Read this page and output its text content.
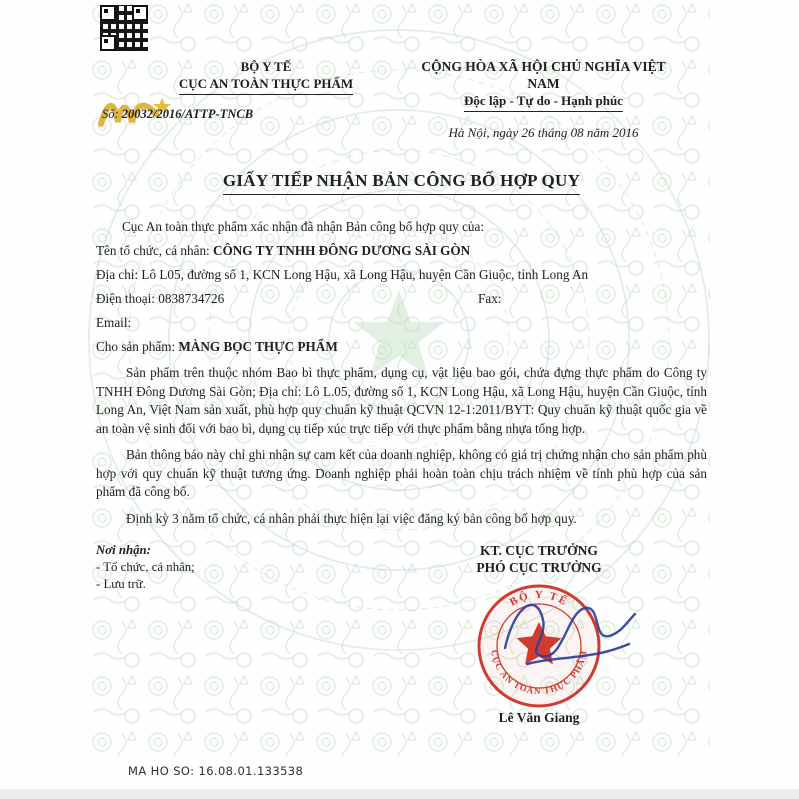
BỘ Y TẾ
CỤC AN TOÀN THỰC PHẨM
Số: 20032/2016/ATTP-TNCB
CỘNG HÒA XÃ HỘI CHỦ NGHĨA VIỆT NAM
Độc lập - Tự do - Hạnh phúc
Hà Nội, ngày 26 tháng 08 năm 2016
GIẤY TIẾP NHẬN BẢN CÔNG BỐ HỢP QUY
Cục An toàn thực phẩm xác nhận đã nhận Bản công bố hợp quy của:
Tên tổ chức, cá nhân: CÔNG TY TNHH ĐÔNG DƯƠNG SÀI GÒN
Địa chỉ: Lô L05, đường số 1, KCN Long Hậu, xã Long Hậu, huyện Cần Giuộc, tỉnh Long An
Điện thoại: 0838734726	Fax:
Email:
Cho sản phẩm: MÀNG BỌC THỰC PHẨM

Sản phẩm trên thuộc nhóm Bao bì thực phẩm, dụng cụ, vật liệu bao gói, chứa đựng thực phẩm do Công ty TNHH Đông Dương Sài Gòn; Địa chỉ: Lô L.05, đường số 1, KCN Long Hậu, xã Long Hậu, huyện Cần Giuộc, tỉnh Long An, Việt Nam sản xuất, phù hợp quy chuẩn kỹ thuật QCVN 12-1:2011/BYT: Quy chuẩn kỹ thuật quốc gia về an toàn vệ sinh đối với bao bì, dụng cụ tiếp xúc trực tiếp với thực phẩm bằng nhựa tổng hợp.

Bản thông báo này chỉ ghi nhận sự cam kết của doanh nghiệp, không có giá trị chứng nhận cho sản phẩm phù hợp với quy chuẩn kỹ thuật tương ứng. Doanh nghiệp phải hoàn toàn chịu trách nhiệm về tính phù hợp của sản phẩm đã công bố.

Định kỳ 3 năm tổ chức, cá nhân phải thực hiện lại việc đăng ký bản công bố hợp quy.

Nơi nhận:
- Tổ chức, cá nhân;
- Lưu trữ.
KT. CỤC TRƯỞNG
PHÓ CỤC TRƯỞNG
BỘ Y TẾ
CỤC AN TOÀN THỰC PHẨM
Lê Văn Giang
MA HO SO: 16.08.01.133538
